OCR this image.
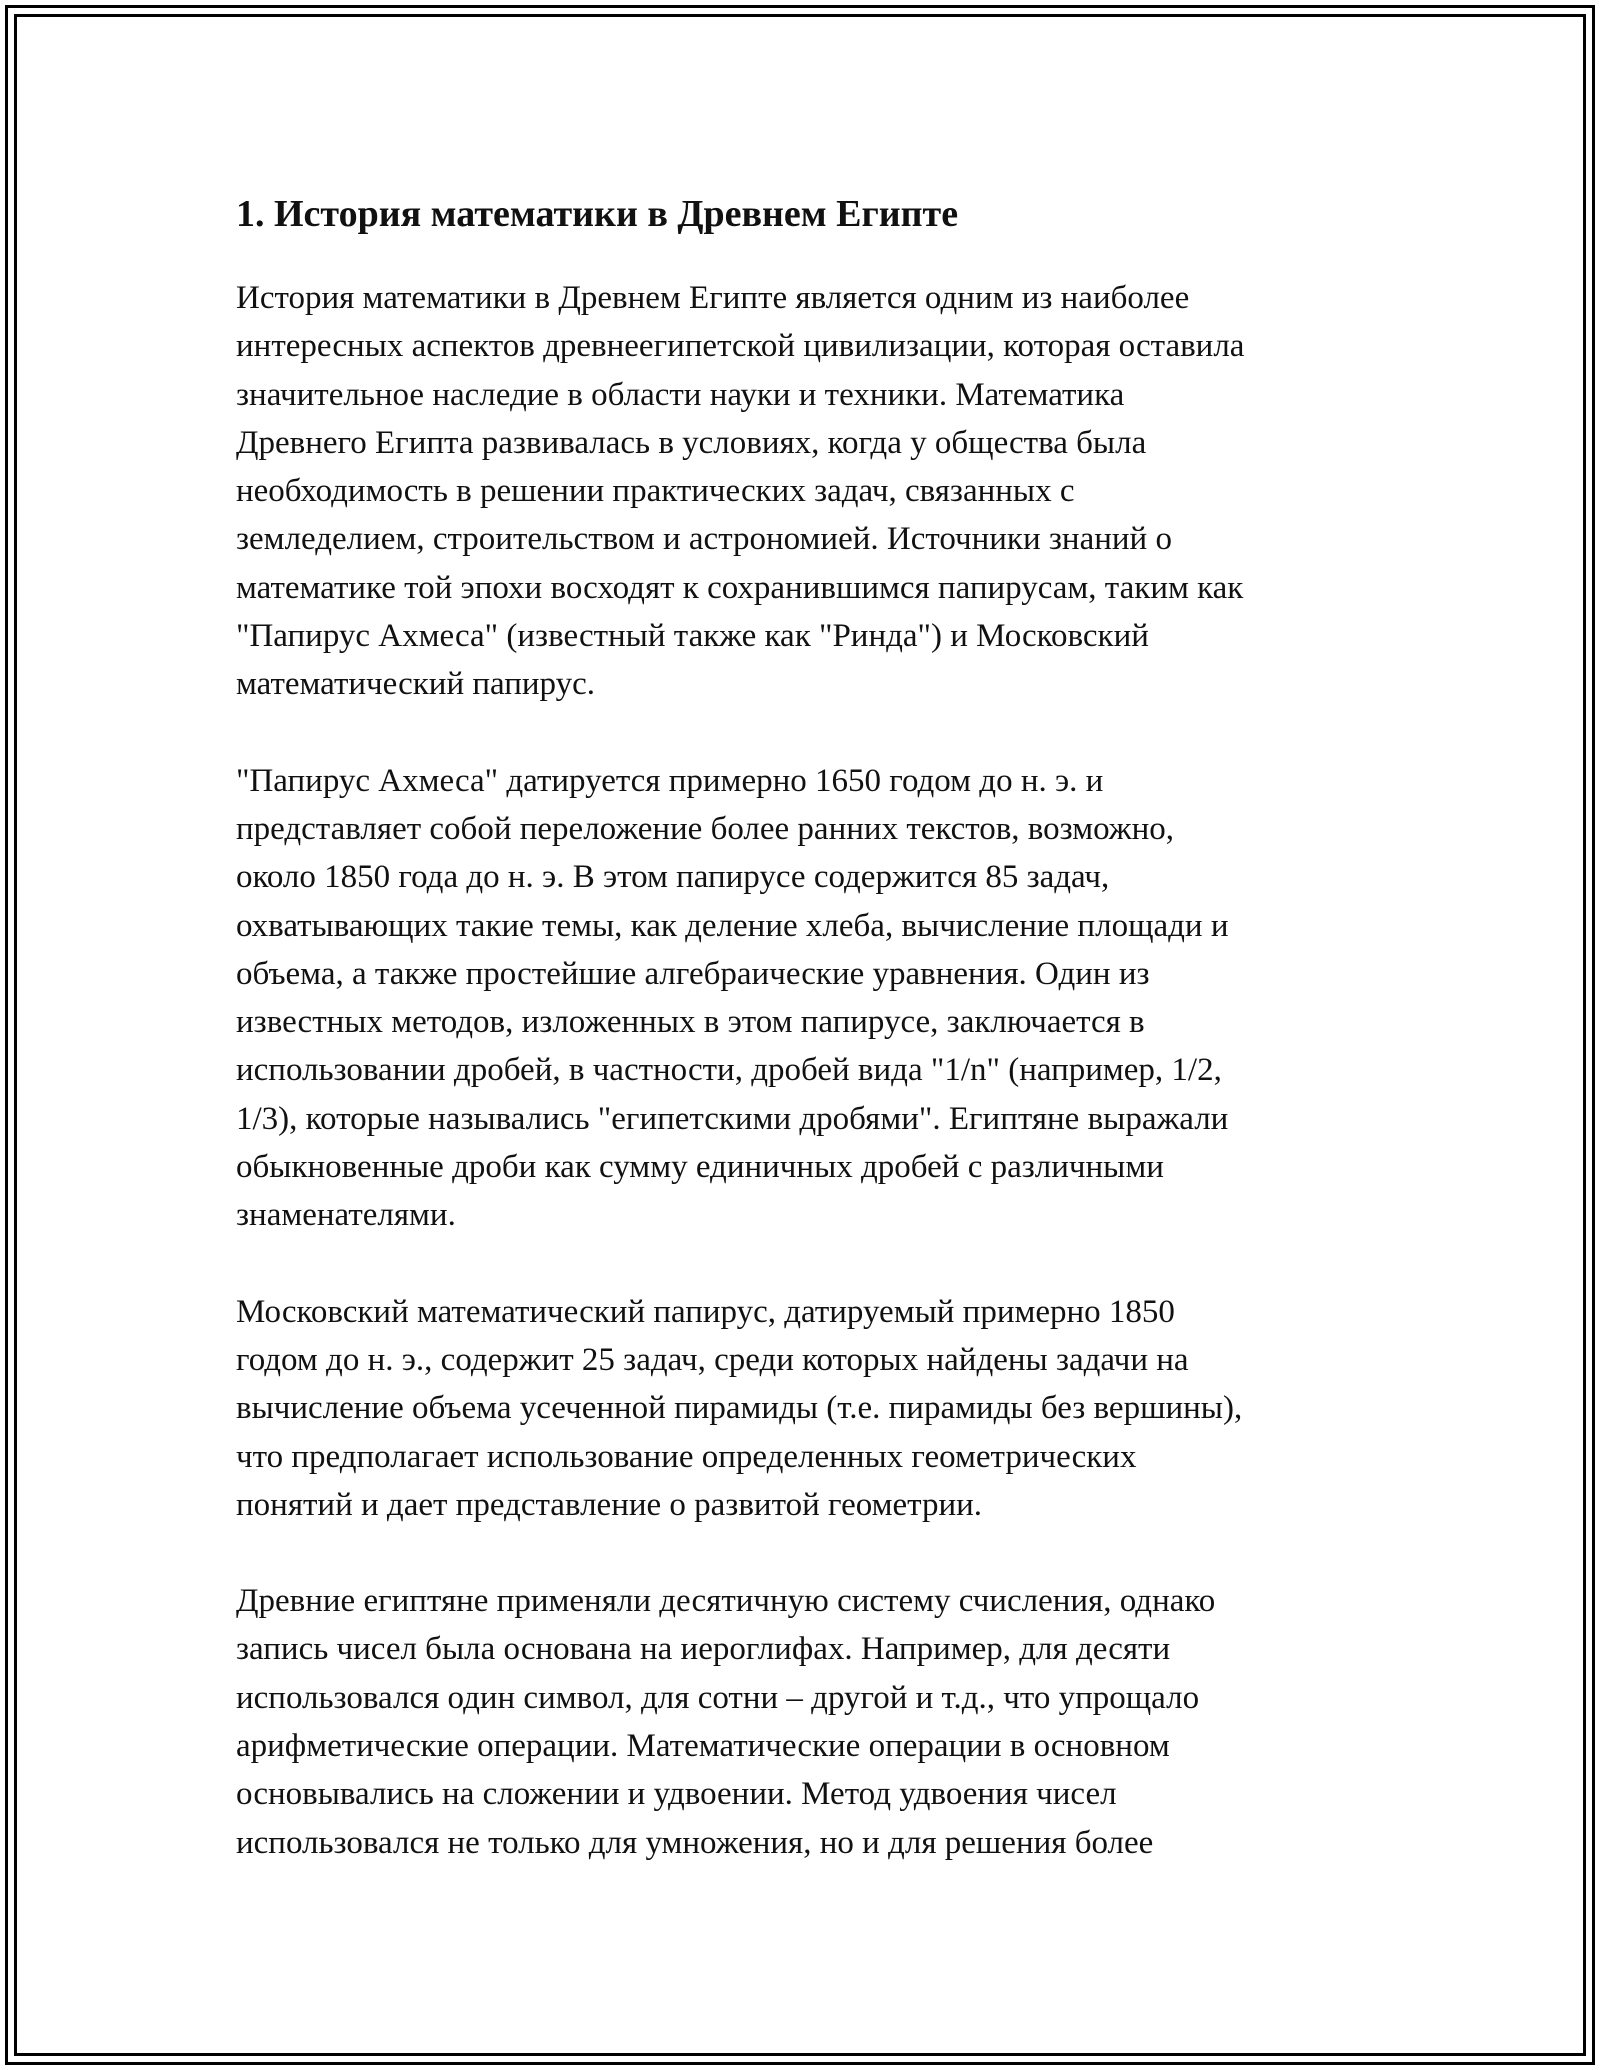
1. История математики в Древнем Египте

История математики в Древнем Египте является одним из наиболее
интересных аспектов древнеегипетской цивилизации, которая оставила
значительное наследие в области науки и техники. Математика
Древнего Египта развивалась в условиях, когда у общества была
необходимость в решении практических задач, связанных с
земледелием, строительством и астрономией. Источники знаний о
математике той эпохи восходят к сохранившимся папирусам, таким как
"Папирус Ахмеса" (известный также как "Ринда") и Московский
математический папирус.

"Папирус Ахмеса" датируется примерно 1650 годом до н. э. и
представляет собой переложение более ранних текстов, возможно,
около 1850 года до н. э. В этом папирусе содержится 85 задач,
охватывающих такие темы, как деление хлеба, вычисление площади и
объема, а также простейшие алгебраические уравнения. Один из
известных методов, изложенных в этом папирусе, заключается в
использовании дробей, в частности, дробей вида "1/n" (например, 1/2,
1/3), которые назывались "египетскими дробями". Египтяне выражали
обыкновенные дроби как сумму единичных дробей с различными
знаменателями.

Московский математический папирус, датируемый примерно 1850
годом до н. э., содержит 25 задач, среди которых найдены задачи на
вычисление объема усеченной пирамиды (т.е. пирамиды без вершины),
что предполагает использование определенных геометрических
понятий и дает представление о развитой геометрии.

Древние египтяне применяли десятичную систему счисления, однако
запись чисел была основана на иероглифах. Например, для десяти
использовался один символ, для сотни – другой и т.д., что упрощало
арифметические операции. Математические операции в основном
основывались на сложении и удвоении. Метод удвоения чисел
использовался не только для умножения, но и для решения более
